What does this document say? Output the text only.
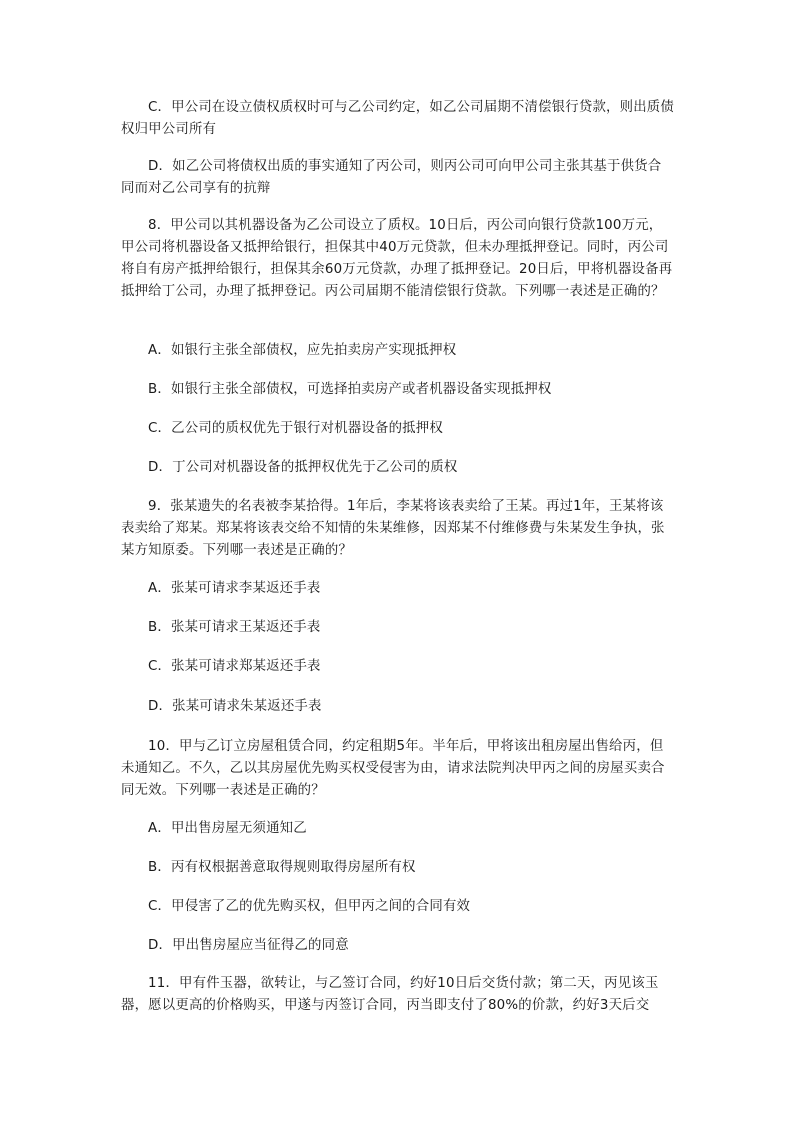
C．甲公司在设立债权质权时可与乙公司约定，如乙公司届期不清偿银行贷款，则出质债权归甲公司所有

D．如乙公司将债权出质的事实通知了丙公司，则丙公司可向甲公司主张其基于供货合同而对乙公司享有的抗辩

8．甲公司以其机器设备为乙公司设立了质权。10日后，丙公司向银行贷款100万元，甲公司将机器设备又抵押给银行，担保其中40万元贷款，但未办理抵押登记。同时，丙公司将自有房产抵押给银行，担保其余60万元贷款，办理了抵押登记。20日后，甲将机器设备再抵押给丁公司，办理了抵押登记。丙公司届期不能清偿银行贷款。下列哪一表述是正确的？

A．如银行主张全部债权，应先拍卖房产实现抵押权

B．如银行主张全部债权，可选择拍卖房产或者机器设备实现抵押权

C．乙公司的质权优先于银行对机器设备的抵押权

D．丁公司对机器设备的抵押权优先于乙公司的质权

9．张某遗失的名表被李某拾得。1年后，李某将该表卖给了王某。再过1年，王某将该表卖给了郑某。郑某将该表交给不知情的朱某维修，因郑某不付维修费与朱某发生争执，张某方知原委。下列哪一表述是正确的？

A．张某可请求李某返还手表

B．张某可请求王某返还手表

C．张某可请求郑某返还手表

D．张某可请求朱某返还手表

10．甲与乙订立房屋租赁合同，约定租期5年。半年后，甲将该出租房屋出售给丙，但未通知乙。不久，乙以其房屋优先购买权受侵害为由，请求法院判决甲丙之间的房屋买卖合同无效。下列哪一表述是正确的？

A．甲出售房屋无须通知乙

B．丙有权根据善意取得规则取得房屋所有权

C．甲侵害了乙的优先购买权，但甲丙之间的合同有效

D．甲出售房屋应当征得乙的同意

11．甲有件玉器，欲转让，与乙签订合同，约好10日后交货付款；第二天，丙见该玉器，愿以更高的价格购买，甲遂与丙签订合同，丙当即支付了80%的价款，约好3天后交
